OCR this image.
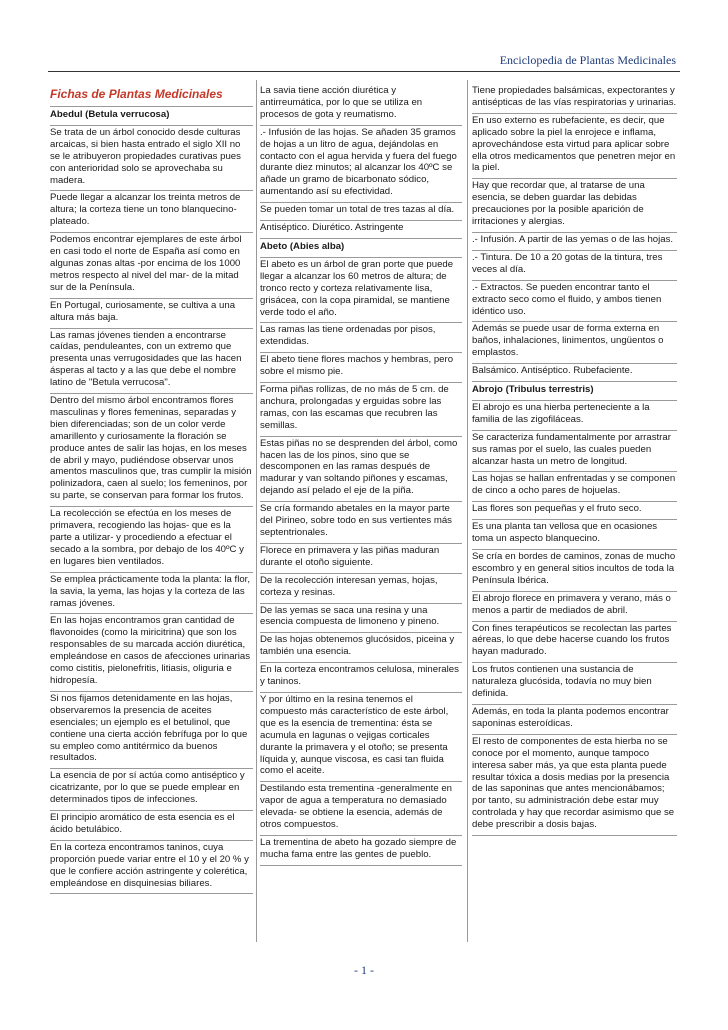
Enciclopedia de Plantas Medicinales

Fichas de Plantas Medicinales

Abedul (Betula verrucosa)

Se trata de un árbol conocido desde culturas arcaicas, si bien hasta entrado el siglo XII no se le atribuyeron propiedades curativas pues con anterioridad solo se aprovechaba su madera.

Puede llegar a alcanzar los treinta metros de altura; la corteza tiene un tono blanquecino-plateado.

Podemos encontrar ejemplares de este árbol en casi todo el norte de España así como en algunas zonas altas -por encima de los 1000 metros respecto al nivel del mar- de la mitad sur de la Península.

En Portugal, curiosamente, se cultiva a una altura más baja.

Las ramas jóvenes tienden a encontrarse caídas, penduleantes, con un extremo que presenta unas verrugosidades que las hacen ásperas al tacto y a las que debe el nombre latino de "Betula verrucosa".

Dentro del mismo árbol encontramos flores masculinas y flores femeninas, separadas y bien diferenciadas; son de un color verde amarillento y curiosamente la floración se produce antes de salir las hojas, en los meses de abril y mayo, pudiéndose observar unos amentos masculinos que, tras cumplir la misión polinizadora, caen al suelo; los femeninos, por su parte, se conservan para formar los frutos.

La recolección se efectúa en los meses de primavera, recogiendo las hojas- que es la parte a utilizar- y procediendo a efectuar el secado a la sombra, por debajo de los 40ºC y en lugares bien ventilados.

Se emplea prácticamente toda la planta: la flor, la savia, la yema, las hojas y la corteza de las ramas jóvenes.

En las hojas encontramos gran cantidad de flavonoides (como la miricitrina) que son los responsables de su marcada acción diurética, empleándose en casos de afecciones urinarias como cistitis, pielonefritis, litiasis, oliguria e hidropesía.

Si nos fijamos detenidamente en las hojas, observaremos la presencia de aceites esenciales; un ejemplo es el betulinol, que contiene una cierta acción febrífuga por lo que su empleo como antitérmico da buenos resultados.

La esencia de por sí actúa como antiséptico y cicatrizante, por lo que se puede emplear en determinados tipos de infecciones.

El principio aromático de esta esencia es el ácido betulábico.

En la corteza encontramos taninos, cuya proporción puede variar entre el 10 y el 20 % y que le confiere acción astringente y colerética, empleándose en disquinesias biliares.

La savia tiene acción diurética y antirreumática, por lo que se utiliza en procesos de gota y reumatismo.

.- Infusión de las hojas. Se añaden 35 gramos de hojas a un litro de agua, dejándolas en contacto con el agua hervida y fuera del fuego durante diez minutos; al alcanzar los 40ºC se añade un gramo de bicarbonato sódico, aumentando así su efectividad.

Se pueden tomar un total de tres tazas al día.

Antiséptico. Diurético. Astringente

Abeto (Abies alba)

El abeto es un árbol de gran porte que puede llegar a alcanzar los 60 metros de altura; de tronco recto y corteza relativamente lisa, grisácea, con la copa piramidal, se mantiene verde todo el año.

Las ramas las tiene ordenadas por pisos, extendidas.

El abeto tiene flores machos y hembras, pero sobre el mismo pie.

Forma piñas rollizas, de no más de 5 cm. de anchura, prolongadas y erguidas sobre las ramas, con las escamas que recubren las semillas.

Estas piñas no se desprenden del árbol, como hacen las de los pinos, sino que se descomponen en las ramas después de madurar y van soltando piñones y escamas, dejando así pelado el eje de la piña.

Se cría formando abetales en la mayor parte del Pirineo, sobre todo en sus vertientes más septentrionales.

Florece en primavera y las piñas maduran durante el otoño siguiente.

De la recolección interesan yemas, hojas, corteza y resinas.

De las yemas se saca una resina y una esencia compuesta de limoneno y pineno.

De las hojas obtenemos glucósidos, piceina y también una esencia.

En la corteza encontramos celulosa, minerales y taninos.

Y por último en la resina tenemos el compuesto más característico de este árbol, que es la esencia de trementina: ésta se acumula en lagunas o vejigas corticales durante la primavera y el otoño; se presenta líquida y, aunque viscosa, es casi tan fluida como el aceite.

Destilando esta trementina -generalmente en vapor de agua a temperatura no demasiado elevada- se obtiene la esencia, además de otros compuestos.

La trementina de abeto ha gozado siempre de mucha fama entre las gentes de pueblo.

Tiene propiedades balsámicas, expectorantes y antisépticas de las vías respiratorias y urinarias.

En uso externo es rubefaciente, es decir, que aplicado sobre la piel la enrojece e inflama, aprovechándose esta virtud para aplicar sobre ella otros medicamentos que penetren mejor en la piel.

Hay que recordar que, al tratarse de una esencia, se deben guardar las debidas precauciones por la posible aparición de irritaciones y alergias.

.- Infusión. A partir de las yemas o de las hojas.

.- Tintura. De 10 a 20 gotas de la tintura, tres veces al día.

.- Extractos. Se pueden encontrar tanto el extracto seco como el fluido, y ambos tienen idéntico uso.

Además se puede usar de forma externa en baños, inhalaciones, linimentos, ungüentos o emplastos.

Balsámico. Antiséptico. Rubefaciente.

Abrojo (Tribulus terrestris)

El abrojo es una hierba perteneciente a la familia de las zigofiláceas.

Se caracteriza fundamentalmente por arrastrar sus ramas por el suelo, las cuales pueden alcanzar hasta un metro de longitud.

Las hojas se hallan enfrentadas y se componen de cinco a ocho pares de hojuelas.

Las flores son pequeñas y el fruto seco.

Es una planta tan vellosa que en ocasiones toma un aspecto blanquecino.

Se cría en bordes de caminos, zonas de mucho escombro y en general sitios incultos de toda la Península Ibérica.

El abrojo florece en primavera y verano, más o menos a partir de mediados de abril.

Con fines terapéuticos se recolectan las partes aéreas, lo que debe hacerse cuando los frutos hayan madurado.

Los frutos contienen una sustancia de naturaleza glucósida, todavía no muy bien definida.

Además, en toda la planta podemos encontrar saponinas esteroídicas.

El resto de componentes de esta hierba no se conoce por el momento, aunque tampoco interesa saber más, ya que esta planta puede resultar tóxica a dosis medias por la presencia de las saponinas que antes mencionábamos; por tanto, su administración debe estar muy controlada y hay que recordar asimismo que se debe prescribir a dosis bajas.

- 1 -
